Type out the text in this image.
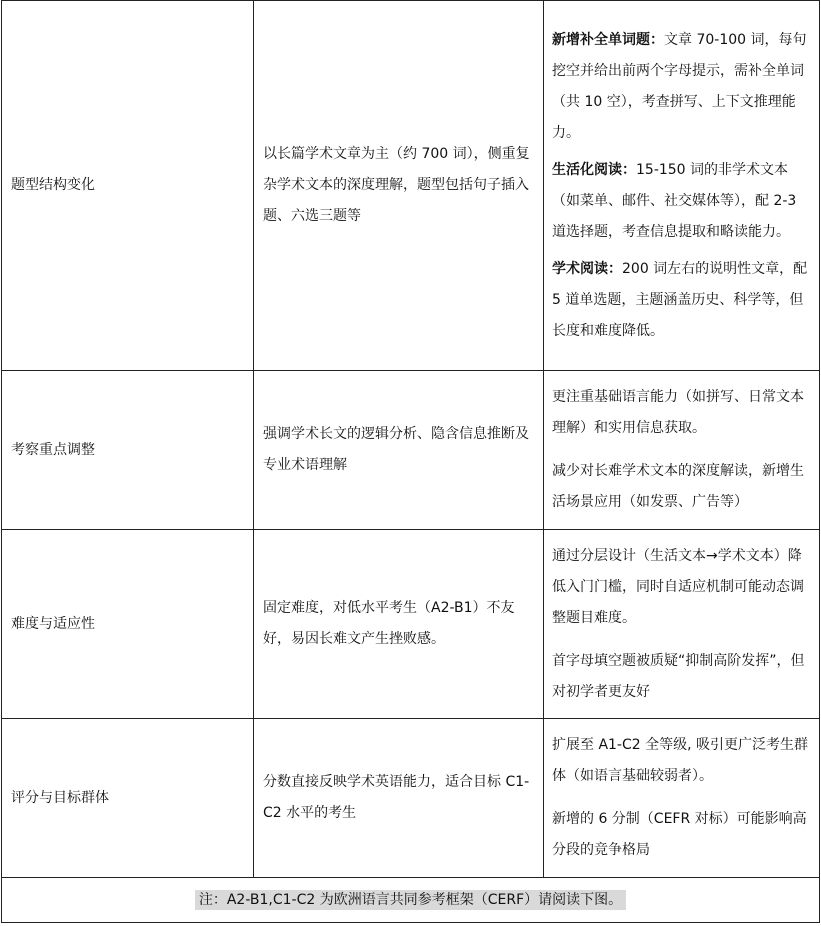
题型结构变化	以长篇学术文章为主（约 700 词），侧重复杂学术文本的深度理解，题型包括句子插入题、六选三题等	新增补全单词题：文章 70-100 词，每句挖空并给出前两个字母提示，需补全单词（共 10 空），考查拼写、上下文推理能力。

生活化阅读：15-150 词的非学术文本（如菜单、邮件、社交媒体等），配 2-3 道选择题，考查信息提取和略读能力。

学术阅读：200 词左右的说明性文章，配 5 道单选题，主题涵盖历史、科学等，但长度和难度降低。

考察重点调整	强调学术长文的逻辑分析、隐含信息推断及专业术语理解	更注重基础语言能力（如拼写、日常文本理解）和实用信息获取。

减少对长难学术文本的深度解读，新增生活场景应用（如发票、广告等）

难度与适应性	固定难度，对低水平考生（A2-B1）不友好，易因长难文产生挫败感。	通过分层设计（生活文本→学术文本）降低入门门槛，同时自适应机制可能动态调整题目难度。

首字母填空题被质疑“抑制高阶发挥”，但对初学者更友好

评分与目标群体	分数直接反映学术英语能力，适合目标 C1-C2 水平的考生	扩展至 A1-C2 全等级, 吸引更广泛考生群体（如语言基础较弱者）。

新增的 6 分制（CEFR 对标）可能影响高分段的竞争格局

注：A2-B1,C1-C2 为欧洲语言共同参考框架（CERF）请阅读下图。		
